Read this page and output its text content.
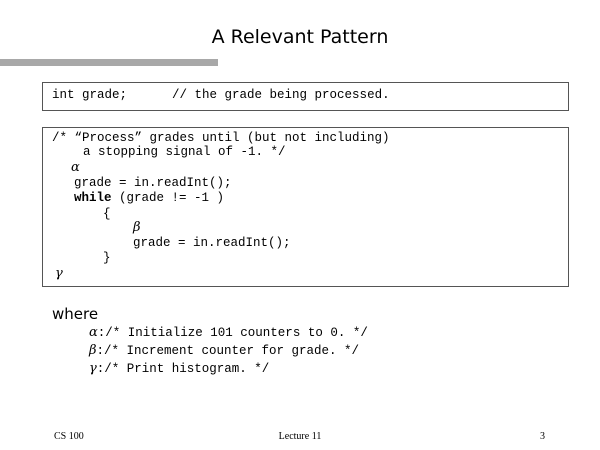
A Relevant Pattern
int grade;	// the grade being processed.
/* “Process” grades until (but not including)
a stopping signal of -1. */
α
grade = in.readInt();
while (grade != -1 )
{
β
grade = in.readInt();
}
γ
where
α:/* Initialize 101 counters to 0. */
β:/* Increment counter for grade. */
γ:/* Print histogram. */
CS 100	Lecture 11	3
